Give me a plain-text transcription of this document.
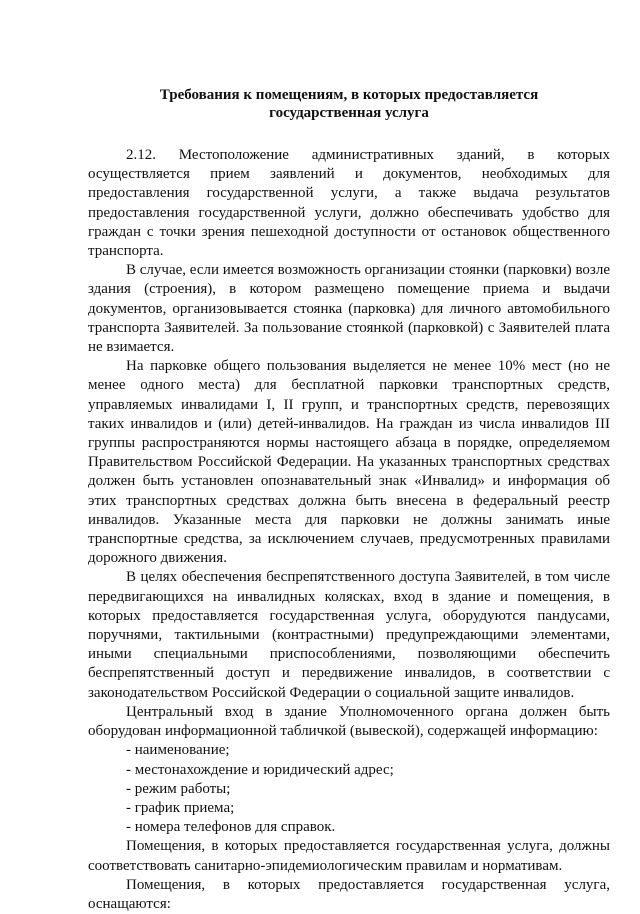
Требования к помещениям, в которых предоставляется
государственная услуга

2.12. Местоположение административных зданий, в которых осуществляется прием заявлений и документов, необходимых для предоставления государственной услуги, а также выдача результатов предоставления государственной услуги, должно обеспечивать удобство для граждан с точки зрения пешеходной доступности от остановок общественного транспорта.

В случае, если имеется возможность организации стоянки (парковки) возле здания (строения), в котором размещено помещение приема и выдачи документов, организовывается стоянка (парковка) для личного автомобильного транспорта Заявителей. За пользование стоянкой (парковкой) с Заявителей плата не взимается.

На парковке общего пользования выделяется не менее 10% мест (но не менее одного места) для бесплатной парковки транспортных средств, управляемых инвалидами I, II групп, и транспортных средств, перевозящих таких инвалидов и (или) детей-инвалидов. На граждан из числа инвалидов III группы распространяются нормы настоящего абзаца в порядке, определяемом Правительством Российской Федерации. На указанных транспортных средствах должен быть установлен опознавательный знак «Инвалид» и информация об этих транспортных средствах должна быть внесена в федеральный реестр инвалидов. Указанные места для парковки не должны занимать иные транспортные средства, за исключением случаев, предусмотренных правилами дорожного движения.

В целях обеспечения беспрепятственного доступа Заявителей, в том числе передвигающихся на инвалидных колясках, вход в здание и помещения, в которых предоставляется государственная услуга, оборудуются пандусами, поручнями, тактильными (контрастными) предупреждающими элементами, иными специальными приспособлениями, позволяющими обеспечить беспрепятственный доступ и передвижение инвалидов, в соответствии с законодательством Российской Федерации о социальной защите инвалидов.

Центральный вход в здание Уполномоченного органа должен быть оборудован информационной табличкой (вывеской), содержащей информацию:

- наименование;
- местонахождение и юридический адрес;
- режим работы;
- график приема;
- номера телефонов для справок.

Помещения, в которых предоставляется государственная услуга, должны соответствовать санитарно-эпидемиологическим правилам и нормативам.

Помещения, в которых предоставляется государственная услуга, оснащаются:
